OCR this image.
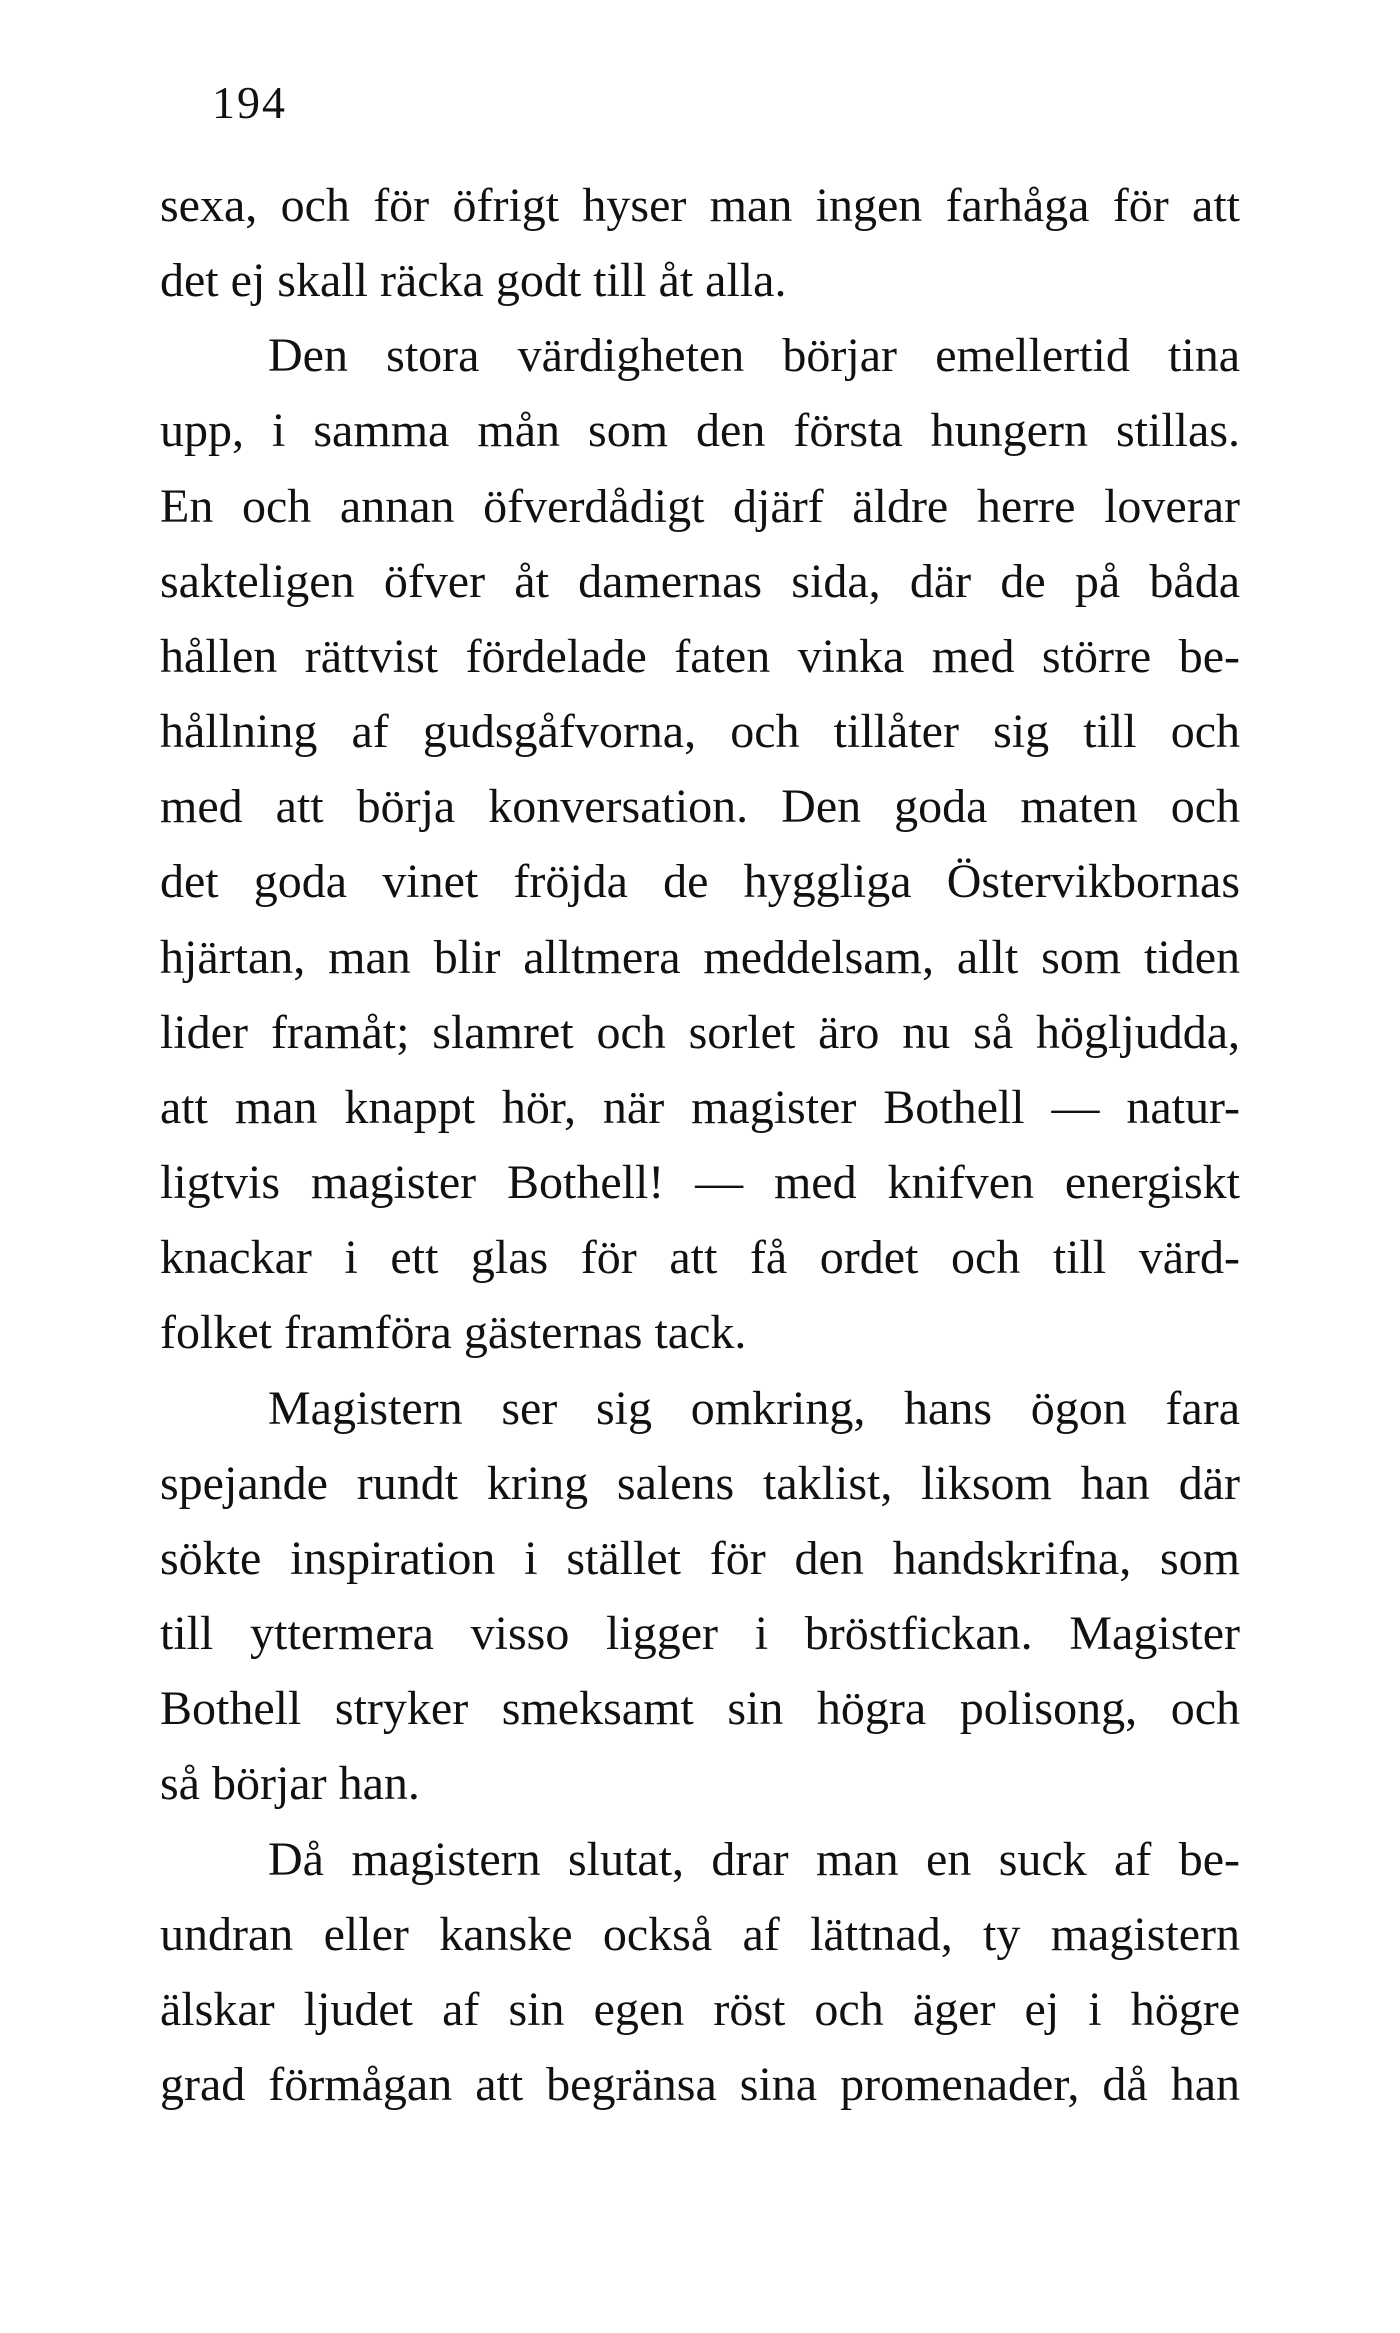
194
sexa, och för öfrigt hyser man ingen farhåga för att
det ej skall räcka godt till åt alla.
Den stora värdigheten börjar emellertid tina
upp, i samma mån som den första hungern stillas.
En och annan öfverdådigt djärf äldre herre loverar
sakteligen öfver åt damernas sida, där de på båda
hållen rättvist fördelade faten vinka med större be-
hållning af gudsgåfvorna, och tillåter sig till och
med att börja konversation. Den goda maten och
det goda vinet fröjda de hyggliga Östervikbornas
hjärtan, man blir alltmera meddelsam, allt som tiden
lider framåt; slamret och sorlet äro nu så högljudda,
att man knappt hör, när magister Bothell — natur-
ligtvis magister Bothell! — med knifven energiskt
knackar i ett glas för att få ordet och till värd-
folket framföra gästernas tack.
Magistern ser sig omkring, hans ögon fara
spejande rundt kring salens taklist, liksom han där
sökte inspiration i stället för den handskrifna, som
till yttermera visso ligger i bröstfickan. Magister
Bothell stryker smeksamt sin högra polisong, och
så börjar han.
Då magistern slutat, drar man en suck af be-
undran eller kanske också af lättnad, ty magistern
älskar ljudet af sin egen röst och äger ej i högre
grad förmågan att begränsa sina promenader, då han
